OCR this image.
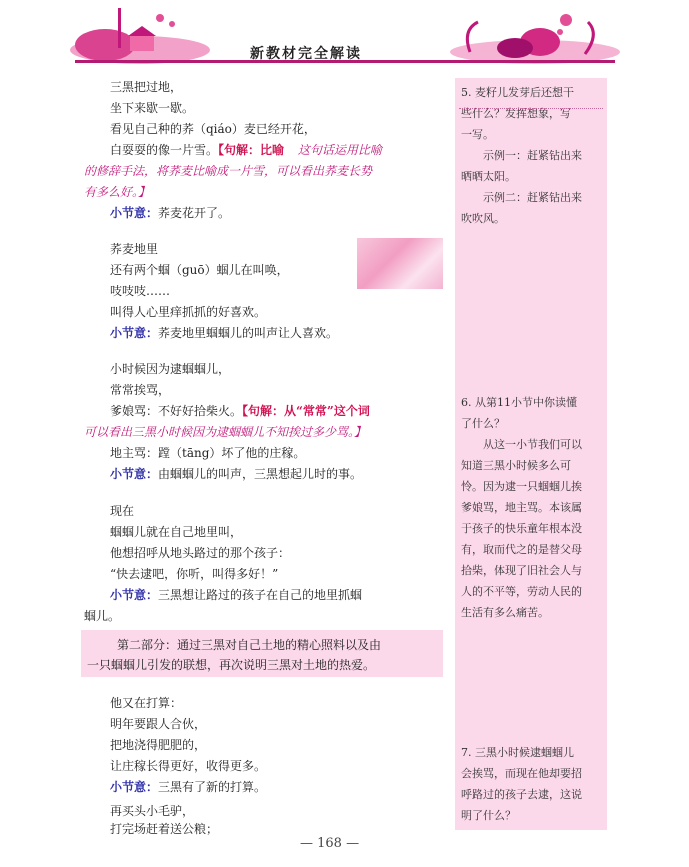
新教材完全解读
5. 麦籽儿发芽后还想干
些什么？发挥想象，写
一写。
示例一：赶紧钻出来
晒晒太阳。
示例二：赶紧钻出来
吹吹风。
6. 从第11小节中你读懂
了什么？
从这一小节我们可以
知道三黑小时候多么可
怜。因为逮一只蝈蝈儿挨
爹娘骂，地主骂。本该属
于孩子的快乐童年根本没
有，取而代之的是替父母
拾柴，体现了旧社会人与
人的不平等，劳动人民的
生活有多么痛苦。
7. 三黑小时候逮蝈蝈儿
会挨骂，而现在他却要招
呼路过的孩子去逮，这说
明了什么？
三黑把过地，
坐下来歇一歇。
看见自己种的荞（qiáo）麦已经开花，
白耍耍的像一片雪。【句解：比喻 这句话运用比喻
的修辞手法，将荞麦比喻成一片雪，可以看出荞麦长势
有多么好。】
小节意：荞麦花开了。
荞麦地里
还有两个蝈（guō）蝈儿在叫唤，
吱吱吱……
叫得人心里痒抓抓的好喜欢。
小节意：荞麦地里蝈蝈儿的叫声让人喜欢。
小时候因为逮蝈蝈儿，
常常挨骂，
爹娘骂：不好好拾柴火。【句解：从“常常”这个词
可以看出三黑小时候因为逮蝈蝈儿不知挨过多少骂。】
地主骂：蹚（tāng）坏了他的庄稼。
小节意：由蝈蝈儿的叫声，三黑想起儿时的事。
现在
蝈蝈儿就在自己地里叫，
他想招呼从地头路过的那个孩子：
“快去逮吧，你听，叫得多好！”
小节意：三黑想让路过的孩子在自己的地里抓蝈
蝈儿。
第二部分：通过三黑对自己土地的精心照料以及由
一只蝈蝈儿引发的联想，再次说明三黑对土地的热爱。
他又在打算：
明年要跟人合伙，
把地浇得肥肥的，
让庄稼长得更好，收得更多。
小节意：三黑有了新的打算。
再买头小毛驴，
打完场赶着送公粮；
— 168 —
